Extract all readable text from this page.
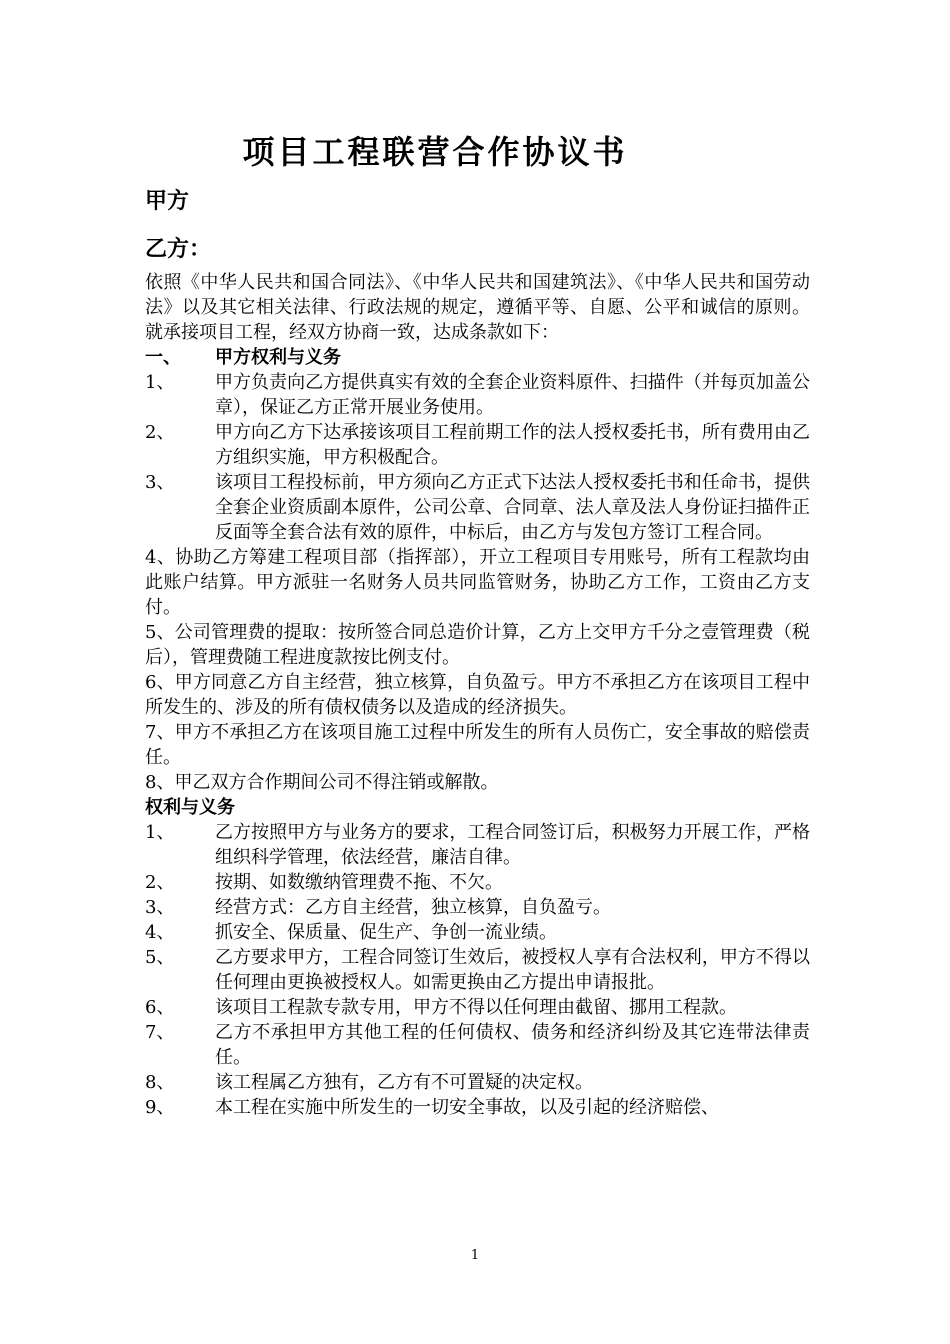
项目工程联营合作协议书

甲方

乙方：

依照《中华人民共和国合同法》、《中华人民共和国建筑法》、《中华人民共和国劳动法》以及其它相关法律、行政法规的规定，遵循平等、自愿、公平和诚信的原则。就承接项目工程，经双方协商一致，达成条款如下：

一、	甲方权利与义务

1、	甲方负责向乙方提供真实有效的全套企业资料原件、扫描件（并每页加盖公章），保证乙方正常开展业务使用。
2、	甲方向乙方下达承接该项目工程前期工作的法人授权委托书，所有费用由乙方组织实施，甲方积极配合。
3、	该项目工程投标前，甲方须向乙方正式下达法人授权委托书和任命书，提供全套企业资质副本原件，公司公章、合同章、法人章及法人身份证扫描件正反面等全套合法有效的原件，中标后，由乙方与发包方签订工程合同。

4、协助乙方筹建工程项目部（指挥部），开立工程项目专用账号，所有工程款均由此账户结算。甲方派驻一名财务人员共同监管财务，协助乙方工作，工资由乙方支付。

5、公司管理费的提取：按所签合同总造价计算，乙方上交甲方千分之壹管理费（税后），管理费随工程进度款按比例支付。

6、甲方同意乙方自主经营，独立核算，自负盈亏。甲方不承担乙方在该项目工程中所发生的、涉及的所有债权债务以及造成的经济损失。

7、甲方不承担乙方在该项目施工过程中所发生的所有人员伤亡，安全事故的赔偿责任。

8、甲乙双方合作期间公司不得注销或解散。

权利与义务

1、	乙方按照甲方与业务方的要求，工程合同签订后，积极努力开展工作，严格组织科学管理，依法经营，廉洁自律。
2、	按期、如数缴纳管理费不拖、不欠。
3、	经营方式：乙方自主经营，独立核算，自负盈亏。
4、	抓安全、保质量、促生产、争创一流业绩。
5、	乙方要求甲方，工程合同签订生效后，被授权人享有合法权利，甲方不得以任何理由更换被授权人。如需更换由乙方提出申请报批。
6、	该项目工程款专款专用，甲方不得以任何理由截留、挪用工程款。
7、	乙方不承担甲方其他工程的任何债权、债务和经济纠纷及其它连带法律责任。
8、	该工程属乙方独有，乙方有不可置疑的决定权。
9、	本工程在实施中所发生的一切安全事故，以及引起的经济赔偿、
1
